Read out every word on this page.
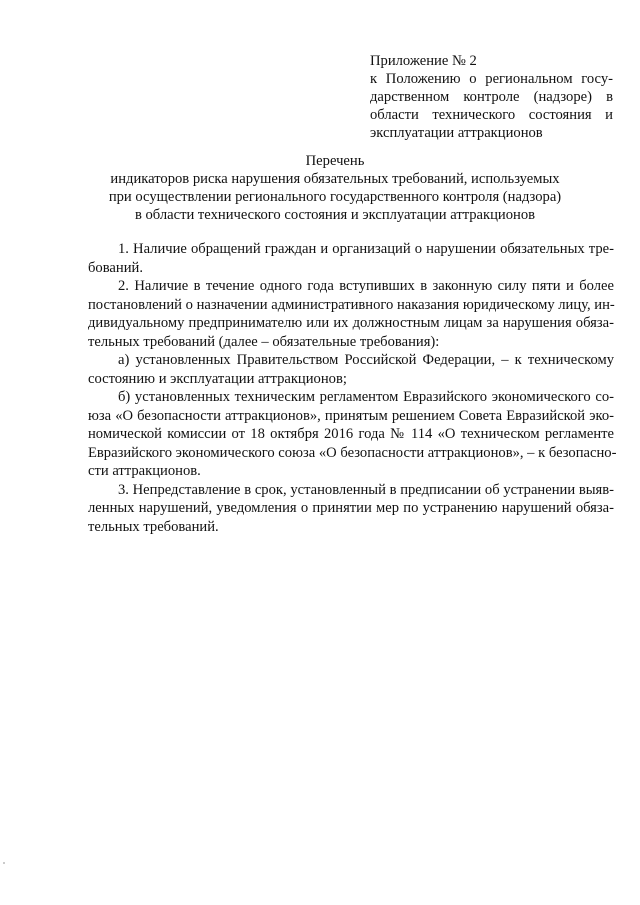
Приложение № 2
к Положению о региональном госу-
дарственном контроле (надзоре) в
области технического состояния и
эксплуатации аттракционов
Перечень
индикаторов риска нарушения обязательных требований, используемых
при осуществлении регионального государственного контроля (надзора)
в области технического состояния и эксплуатации аттракционов
1. Наличие обращений граждан и организаций о нарушении обязательных тре-
бований.
2. Наличие в течение одного года вступивших в законную силу пяти и более
постановлений о назначении административного наказания юридическому лицу, ин-
дивидуальному предпринимателю или их должностным лицам за нарушения обяза-
тельных требований (далее – обязательные требования):
а) установленных Правительством Российской Федерации, – к техническому
состоянию и эксплуатации аттракционов;
б) установленных техническим регламентом Евразийского экономического со-
юза «О безопасности аттракционов», принятым решением Совета Евразийской эко-
номической комиссии от 18 октября 2016 года № 114 «О техническом регламенте
Евразийского экономического союза «О безопасности аттракционов», – к безопасно-
сти аттракционов.
3. Непредставление в срок, установленный в предписании об устранении выяв-
ленных нарушений, уведомления о принятии мер по устранению нарушений обяза-
тельных требований.
